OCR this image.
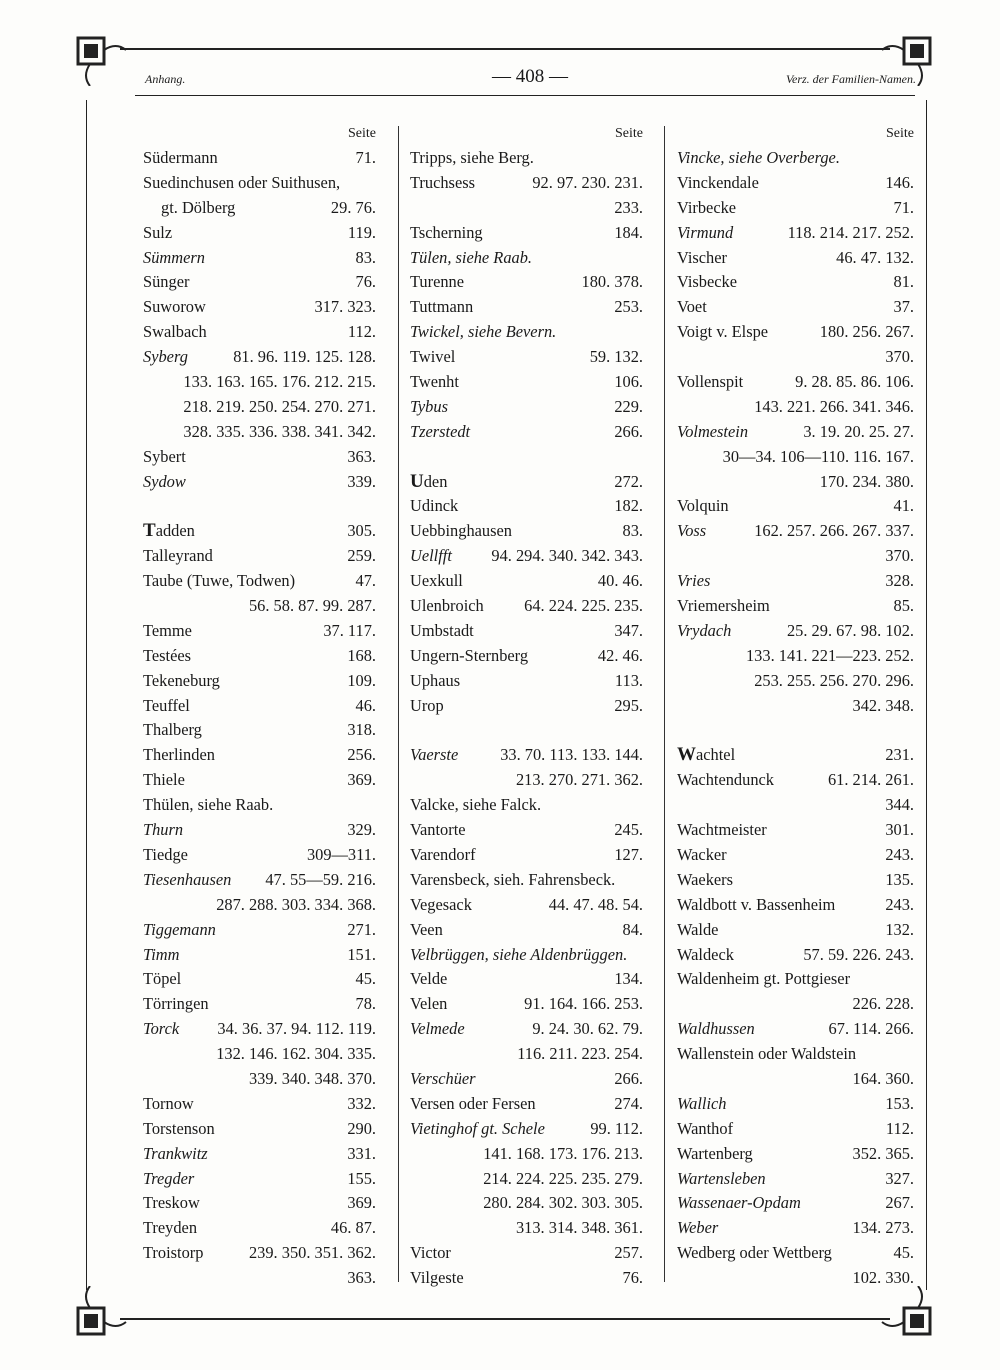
Anhang.	— 408 —	Verz. der Familien-Namen.
Seite
Südermann	71.
Suedinchusen oder Suithusen,
gt. Dölberg	29. 76.
Sulz	119.
Sümmern	83.
Sünger	76.
Suworow	317. 323.
Swalbach	112.
Syberg	81. 96. 119. 125. 128.
133. 163. 165. 176. 212. 215.
218. 219. 250. 254. 270. 271.
328. 335. 336. 338. 341. 342.
Sybert	363.
Sydow	339.
Tadden	305.
Talleyrand	259.
Taube (Tuwe, Todwen)	47.
56. 58. 87. 99. 287.
Temme	37. 117.
Testées	168.
Tekeneburg	109.
Teuffel	46.
Thalberg	318.
Therlinden	256.
Thiele	369.
Thülen, siehe Raab.
Thurn	329.
Tiedge	309—311.
Tiesenhausen 47. 55—59. 216.
287. 288. 303. 334. 368.
Tiggemann	271.
Timm	151.
Töpel	45.
Törringen	78.
Torck 34. 36. 37. 94. 112. 119.
132. 146. 162. 304. 335.
339. 340. 348. 370.
Tornow	332.
Torstenson	290.
Trankwitz	331.
Tregder	155.
Treskow	369.
Treyden	46. 87.
Troistorp	239. 350. 351. 362.
363.
Seite
Tripps, siehe Berg.
Truchsess	92. 97. 230. 231.
233.
Tscherning	184.
Tülen, siehe Raab.
Turenne	180. 378.
Tuttmann	253.
Twickel, siehe Bevern.
Twivel	59. 132.
Twenht	106.
Tybus	229.
Tzerstedt	266.
Uden	272.
Udinck	182.
Uebbinghausen	83.
Uellfft 94. 294. 340. 342. 343.
Uexkull	40. 46.
Ulenbroich 64. 224. 225. 235.
Umbstadt	347.
Ungern-Sternberg	42. 46.
Uphaus	113.
Urop	295.
Vaerste	33. 70. 113. 133. 144.
213. 270. 271. 362.
Valcke, siehe Falck.
Vantorte	245.
Varendorf	127.
Varensbeck, sieh. Fahrensbeck.
Vegesack	44. 47. 48. 54.
Veen	84.
Velbrüggen, siehe Aldenbrüggen.
Velde	134.
Velen	91. 164. 166. 253.
Velmede	9. 24. 30. 62. 79.
116. 211. 223. 254.
Verschüer	266.
Versen oder Fersen	274.
Vietinghof gt. Schele	99. 112.
141. 168. 173. 176. 213.
214. 224. 225. 235. 279.
280. 284. 302. 303. 305.
313. 314. 348. 361.
Victor	257.
Vilgeste	76.
Seite
Vincke, siehe Overberge.
Vinckendale	146.
Virbecke	71.
Virmund	118. 214. 217. 252.
Vischer	46. 47. 132.
Visbecke	81.
Voet	37.
Voigt v. Elspe	180. 256. 267.
370.
Vollenspit	9. 28. 85. 86. 106.
143. 221. 266. 341. 346.
Volmestein	3. 19. 20. 25. 27.
30—34. 106—110. 116. 167.
170. 234. 380.
Volquin	41.
Voss	162. 257. 266. 267. 337.
370.
Vries	328.
Vriemersheim	85.
Vrydach	25. 29. 67. 98. 102.
133. 141. 221—223. 252.
253. 255. 256. 270. 296.
342. 348.
Wachtel	231.
Wachtendunck	61. 214. 261.
344.
Wachtmeister	301.
Wacker	243.
Waekers	135.
Waldbott v. Bassenheim	243.
Walde	132.
Waldeck	57. 59. 226. 243.
Waldenheim gt. Pottgieser
226. 228.
Waldhussen	67. 114. 266.
Wallenstein oder Waldstein
164. 360.
Wallich	153.
Wanthof	112.
Wartenberg	352. 365.
Wartensleben	327.
Wassenaer-Opdam	267.
Weber	134. 273.
Wedberg oder Wettberg	45.
102. 330.
